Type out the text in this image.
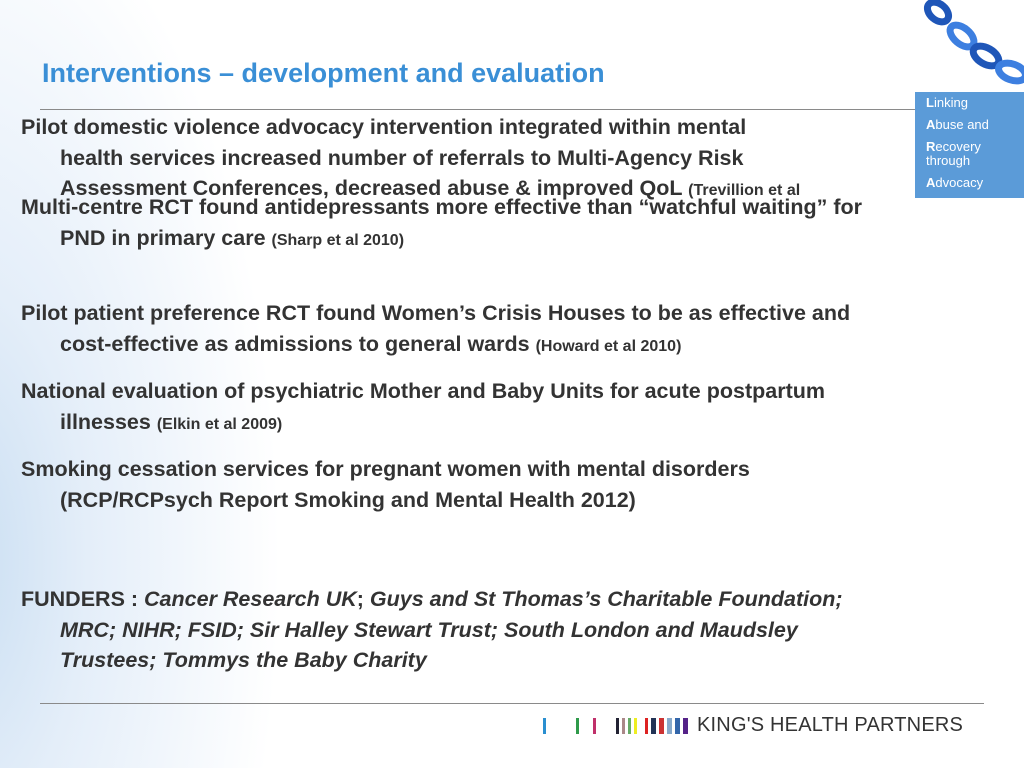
Interventions – development and evaluation
Pilot domestic violence advocacy intervention integrated within mental
health services increased number of referrals to Multi-Agency Risk
Assessment Conferences, decreased abuse & improved QoL (Trevillion et al
Multi-centre RCT found antidepressants more effective than “watchful waiting” for
PND in primary care (Sharp et al 2010)
Pilot patient preference RCT found Women’s Crisis Houses to be as effective and
cost-effective as admissions to general wards (Howard et al 2010)
National evaluation of psychiatric Mother and Baby Units for acute postpartum
illnesses (Elkin et al 2009)
Smoking cessation services for pregnant women with mental disorders
(RCP/RCPsych Report Smoking and Mental Health 2012)
FUNDERS : Cancer Research UK; Guys and St Thomas’s Charitable Foundation;
MRC; NIHR; FSID; Sir Halley Stewart Trust; South London and Maudsley
Trustees; Tommys the Baby Charity
Linking
Abuse and
Recovery
through
Advocacy
KING'S HEALTH PARTNERS
